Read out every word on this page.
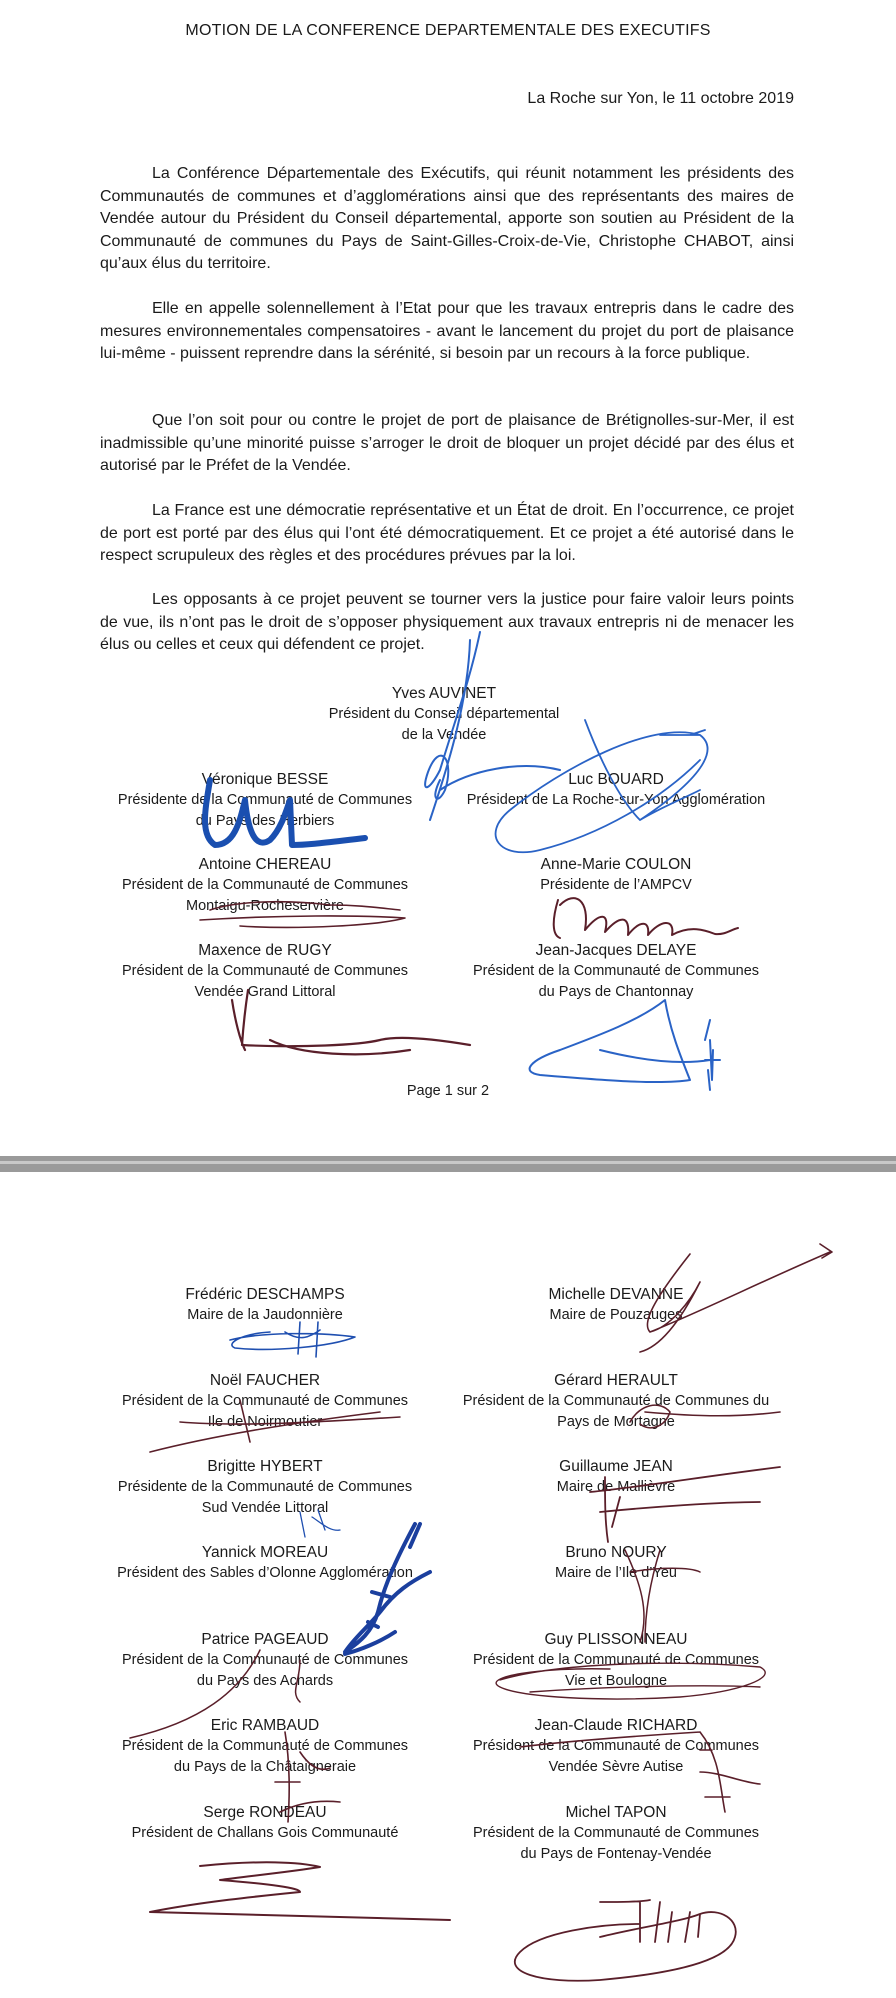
MOTION DE LA CONFERENCE DEPARTEMENTALE DES EXECUTIFS
La Roche sur Yon, le 11 octobre 2019

La Conférence Départementale des Exécutifs, qui réunit notamment les présidents des Communautés de communes et d’agglomérations ainsi que des représentants des maires de Vendée autour du Président du Conseil départemental, apporte son soutien au Président de la Communauté de communes du Pays de Saint-Gilles-Croix-de-Vie, Christophe CHABOT, ainsi qu’aux élus du territoire.

Elle en appelle solennellement à l’Etat pour que les travaux entrepris dans le cadre des mesures environnementales compensatoires - avant le lancement du projet du port de plaisance lui-même - puissent reprendre dans la sérénité, si besoin par un recours à la force publique.

Que l’on soit pour ou contre le projet de port de plaisance de Brétignolles-sur-Mer, il est inadmissible qu’une minorité puisse s’arroger le droit de bloquer un projet décidé par des élus et autorisé par le Préfet de la Vendée.

La France est une démocratie représentative et un État de droit. En l’occurrence, ce projet de port est porté par des élus qui l’ont été démocratiquement. Et ce projet a été autorisé dans le respect scrupuleux des règles et des procédures prévues par la loi.

Les opposants à ce projet peuvent se tourner vers la justice pour faire valoir leurs points de vue, ils n’ont pas le droit de s’opposer physiquement aux travaux entrepris ni de menacer les élus ou celles et ceux qui défendent ce projet.

Yves AUVINET
Président du Conseil départemental
de la Vendée
Véronique BESSE
Présidente de la Communauté de Communes
du Pays des Herbiers
Luc BOUARD
Président de La Roche-sur-Yon Agglomération
Antoine CHEREAU
Président de la Communauté de Communes
Montaigu-Rocheservière
Anne-Marie COULON
Présidente de l’AMPCV
Maxence de RUGY
Président de la Communauté de Communes
Vendée Grand Littoral
Jean-Jacques DELAYE
Président de la Communauté de Communes
du Pays de Chantonnay
Page 1 sur 2
Frédéric DESCHAMPS
Maire de la Jaudonnière
Michelle DEVANNE
Maire de Pouzauges
Noël FAUCHER
Président de la Communauté de Communes
Ile de Noirmoutier
Gérard HERAULT
Président de la Communauté de Communes du
Pays de Mortagne
Brigitte HYBERT
Présidente de la Communauté de Communes
Sud Vendée Littoral
Guillaume JEAN
Maire de Mallièvre
Yannick MOREAU
Président des Sables d’Olonne Agglomération
Bruno NOURY
Maire de l’Ile d’Yeu
Patrice PAGEAUD
Président de la Communauté de Communes
du Pays des Achards
Guy PLISSONNEAU
Président de la Communauté de Communes
Vie et Boulogne
Eric RAMBAUD
Président de la Communauté de Communes
du Pays de la Châtaigneraie
Jean-Claude RICHARD
Président de la Communauté de Communes
Vendée Sèvre Autise
Serge RONDEAU
Président de Challans Gois Communauté
Michel TAPON
Président de la Communauté de Communes
du Pays de Fontenay-Vendée
